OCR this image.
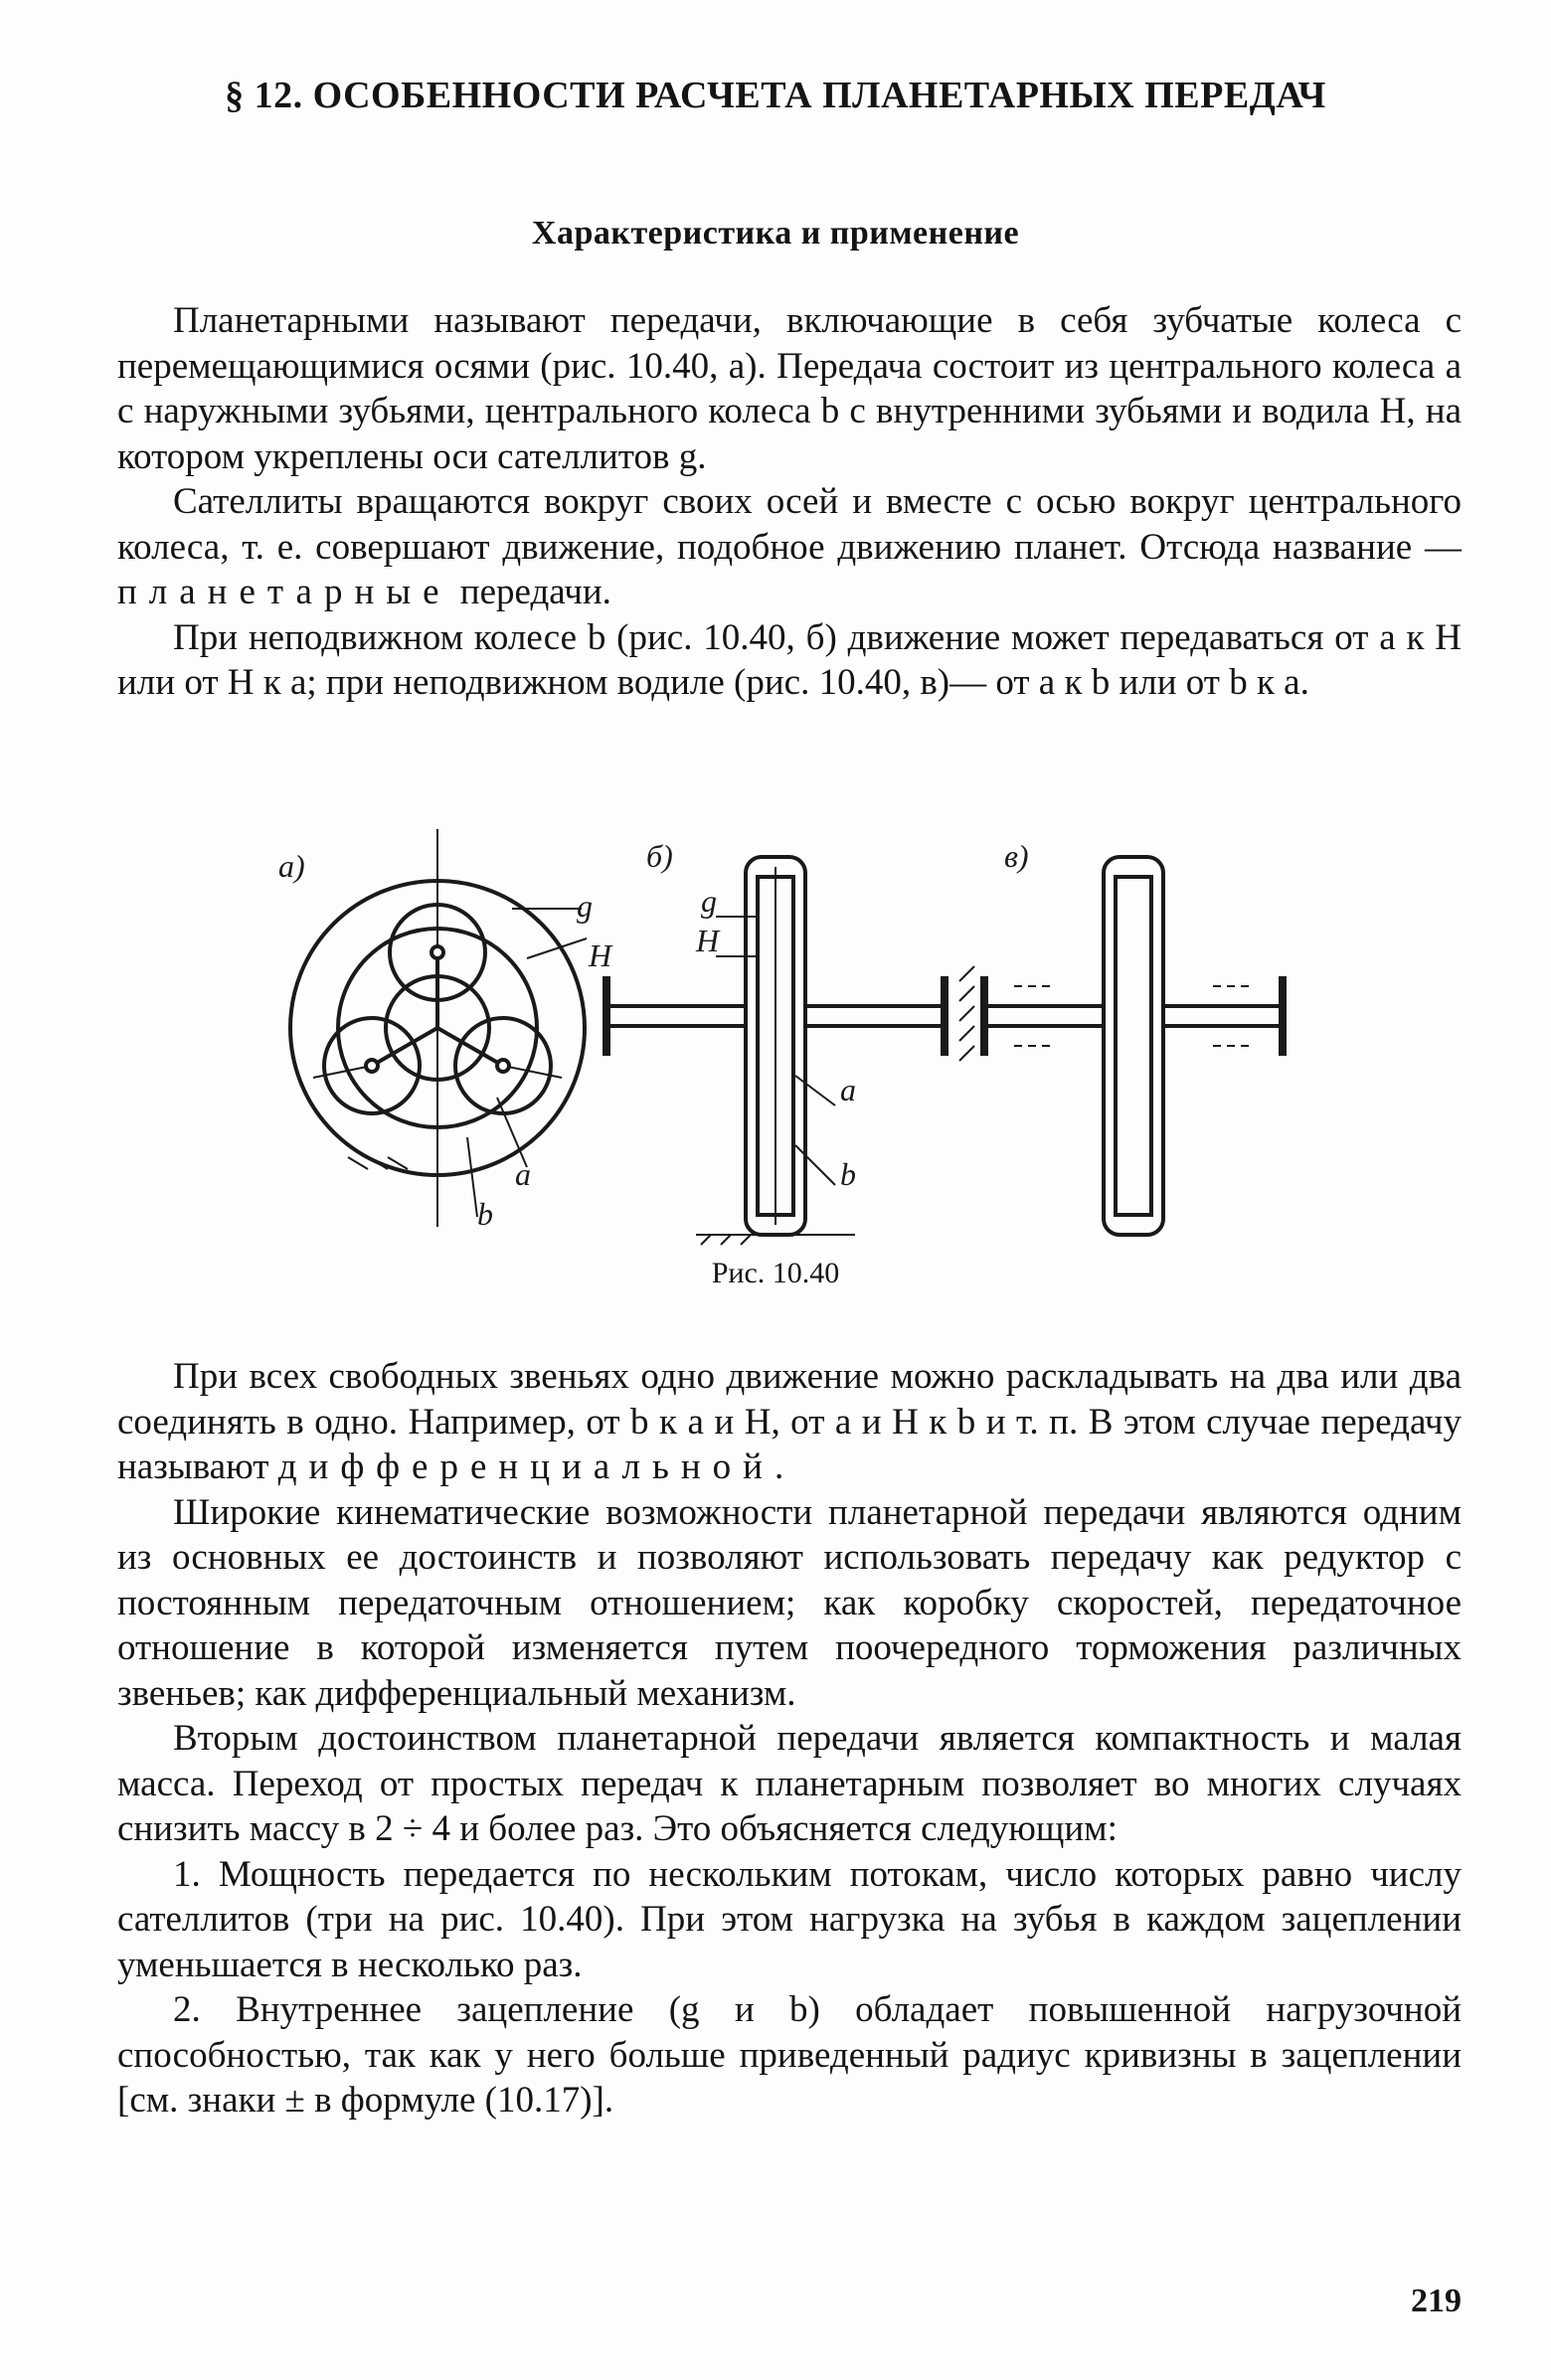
§ 12. ОСОБЕННОСТИ РАСЧЕТА ПЛАНЕТАРНЫХ ПЕРЕДАЧ
Характеристика и применение

Планетарными называют передачи, включающие в себя зубчатые колеса с перемещающимися осями (рис. 10.40, а). Передача состоит из центрального колеса а с наружными зубьями, центрального колеса b с внутренними зубьями и водила H, на котором укреплены оси сателлитов g.

Сателлиты вращаются вокруг своих осей и вместе с осью вокруг центрального колеса, т. е. совершают движение, подобное движению планет. Отсюда название — планетарные передачи.

При неподвижном колесе b (рис. 10.40, б) движение может передаваться от а к H или от H к а; при неподвижном водиле (рис. 10.40, в)— от а к b или от b к а.

а)	б)	в)
g
H
a
b
g
H
a
b
Рис. 10.40

При всех свободных звеньях одно движение можно раскладывать на два или два соединять в одно. Например, от b к а и H, от а и H к b и т. п. В этом случае передачу называют дифференциальной.

Широкие кинематические возможности планетарной передачи являются одним из основных ее достоинств и позволяют использовать передачу как редуктор с постоянным передаточным отношением; как коробку скоростей, передаточное отношение в которой изменяется путем поочередного торможения различных звеньев; как дифференциальный механизм.

Вторым достоинством планетарной передачи является компактность и малая масса. Переход от простых передач к планетарным позволяет во многих случаях снизить массу в 2 ÷ 4 и более раз. Это объясняется следующим:

1. Мощность передается по нескольким потокам, число которых равно числу сателлитов (три на рис. 10.40). При этом нагрузка на зубья в каждом зацеплении уменьшается в несколько раз.

2. Внутреннее зацепление (g и b) обладает повышенной нагрузочной способностью, так как у него больше приведенный радиус кривизны в зацеплении [см. знаки ± в формуле (10.17)].

219
